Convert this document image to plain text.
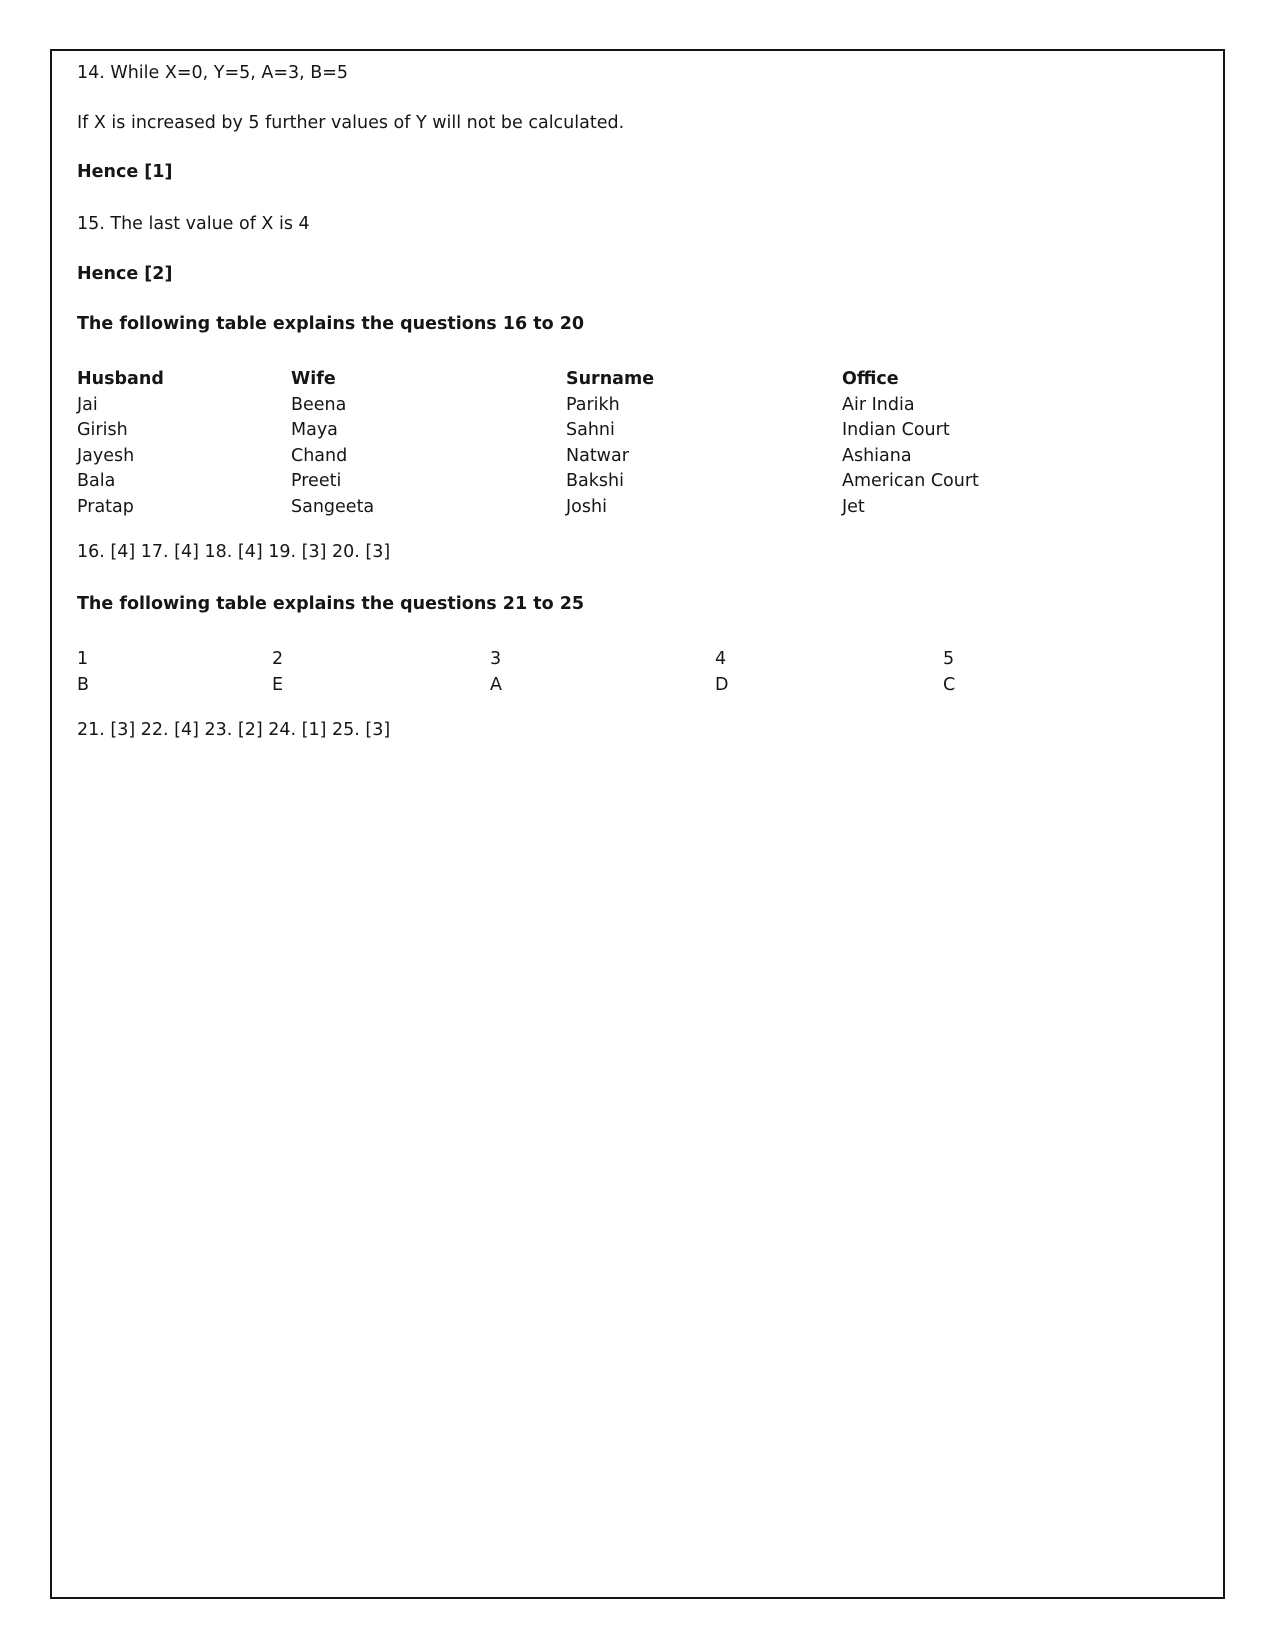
14. While X=0, Y=5, A=3, B=5

If X is increased by 5 further values of Y will not be calculated.

Hence [1]

15. The last value of X is 4

Hence [2]

The following table explains the questions 16 to 20

Husband	Wife	Surname	Office
Jai	Beena	Parikh	Air India
Girish	Maya	Sahni	Indian Court
Jayesh	Chand	Natwar	Ashiana
Bala	Preeti	Bakshi	American Court
Pratap	Sangeeta	Joshi	Jet

16. [4] 17. [4] 18. [4] 19. [3] 20. [3]

The following table explains the questions 21 to 25

1	2	3	4	5
B	E	A	D	C

21. [3] 22. [4] 23. [2] 24. [1] 25. [3]
